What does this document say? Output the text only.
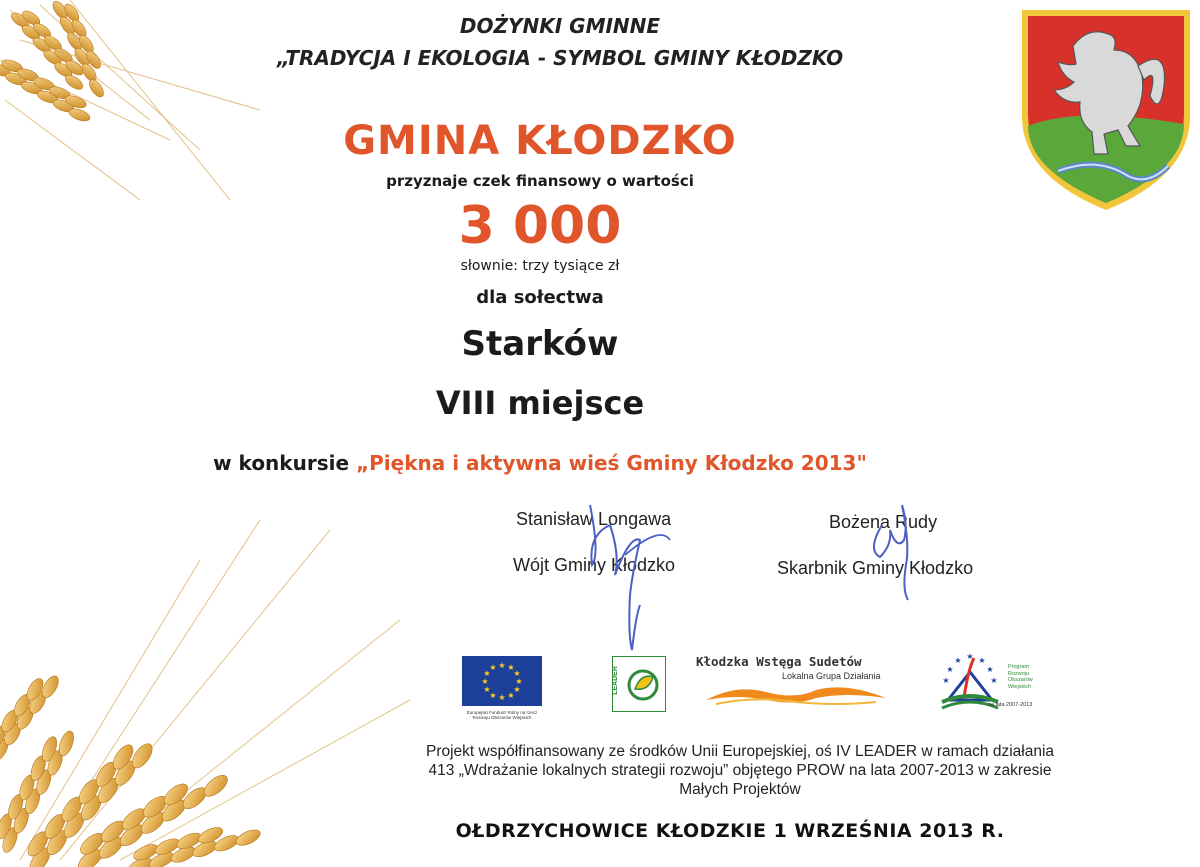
DOŻYNKI GMINNE
„TRADYCJA I EKOLOGIA - SYMBOL GMINY KŁODZKO
GMINA KŁODZKO
przyznaje czek finansowy o wartości
3 000
słownie: trzy tysiące zł
dla sołectwa
Starków
VIII miejsce
w konkursie „Piękna i aktywna wieś Gminy Kłodzko 2013"
Stanisław Longawa
Wójt Gminy Kłodzko
Bożena Rudy
Skarbnik Gminy Kłodzko
★ ★
★
★
★
★
★
★
★
★
★
★
Europejski Fundusz Rolny na rzecz Rozwoju Obszarów Wiejskich
LEADER
Kłodzka Wstęga Sudetów
Lokalna Grupa Działania
★ ★
★
★
★
★	★
Program
Rozwoju
Obszarów
Wiejskich
na lata 2007-2013
Projekt współfinansowany ze środków Unii Europejskiej, oś IV LEADER w ramach działania 413 „Wdrażanie lokalnych strategii rozwoju” objętego PROW na lata 2007-2013 w zakresie Małych Projektów
OŁDRZYCHOWICE KŁODZKIE 1 WRZEŚNIA 2013 R.
